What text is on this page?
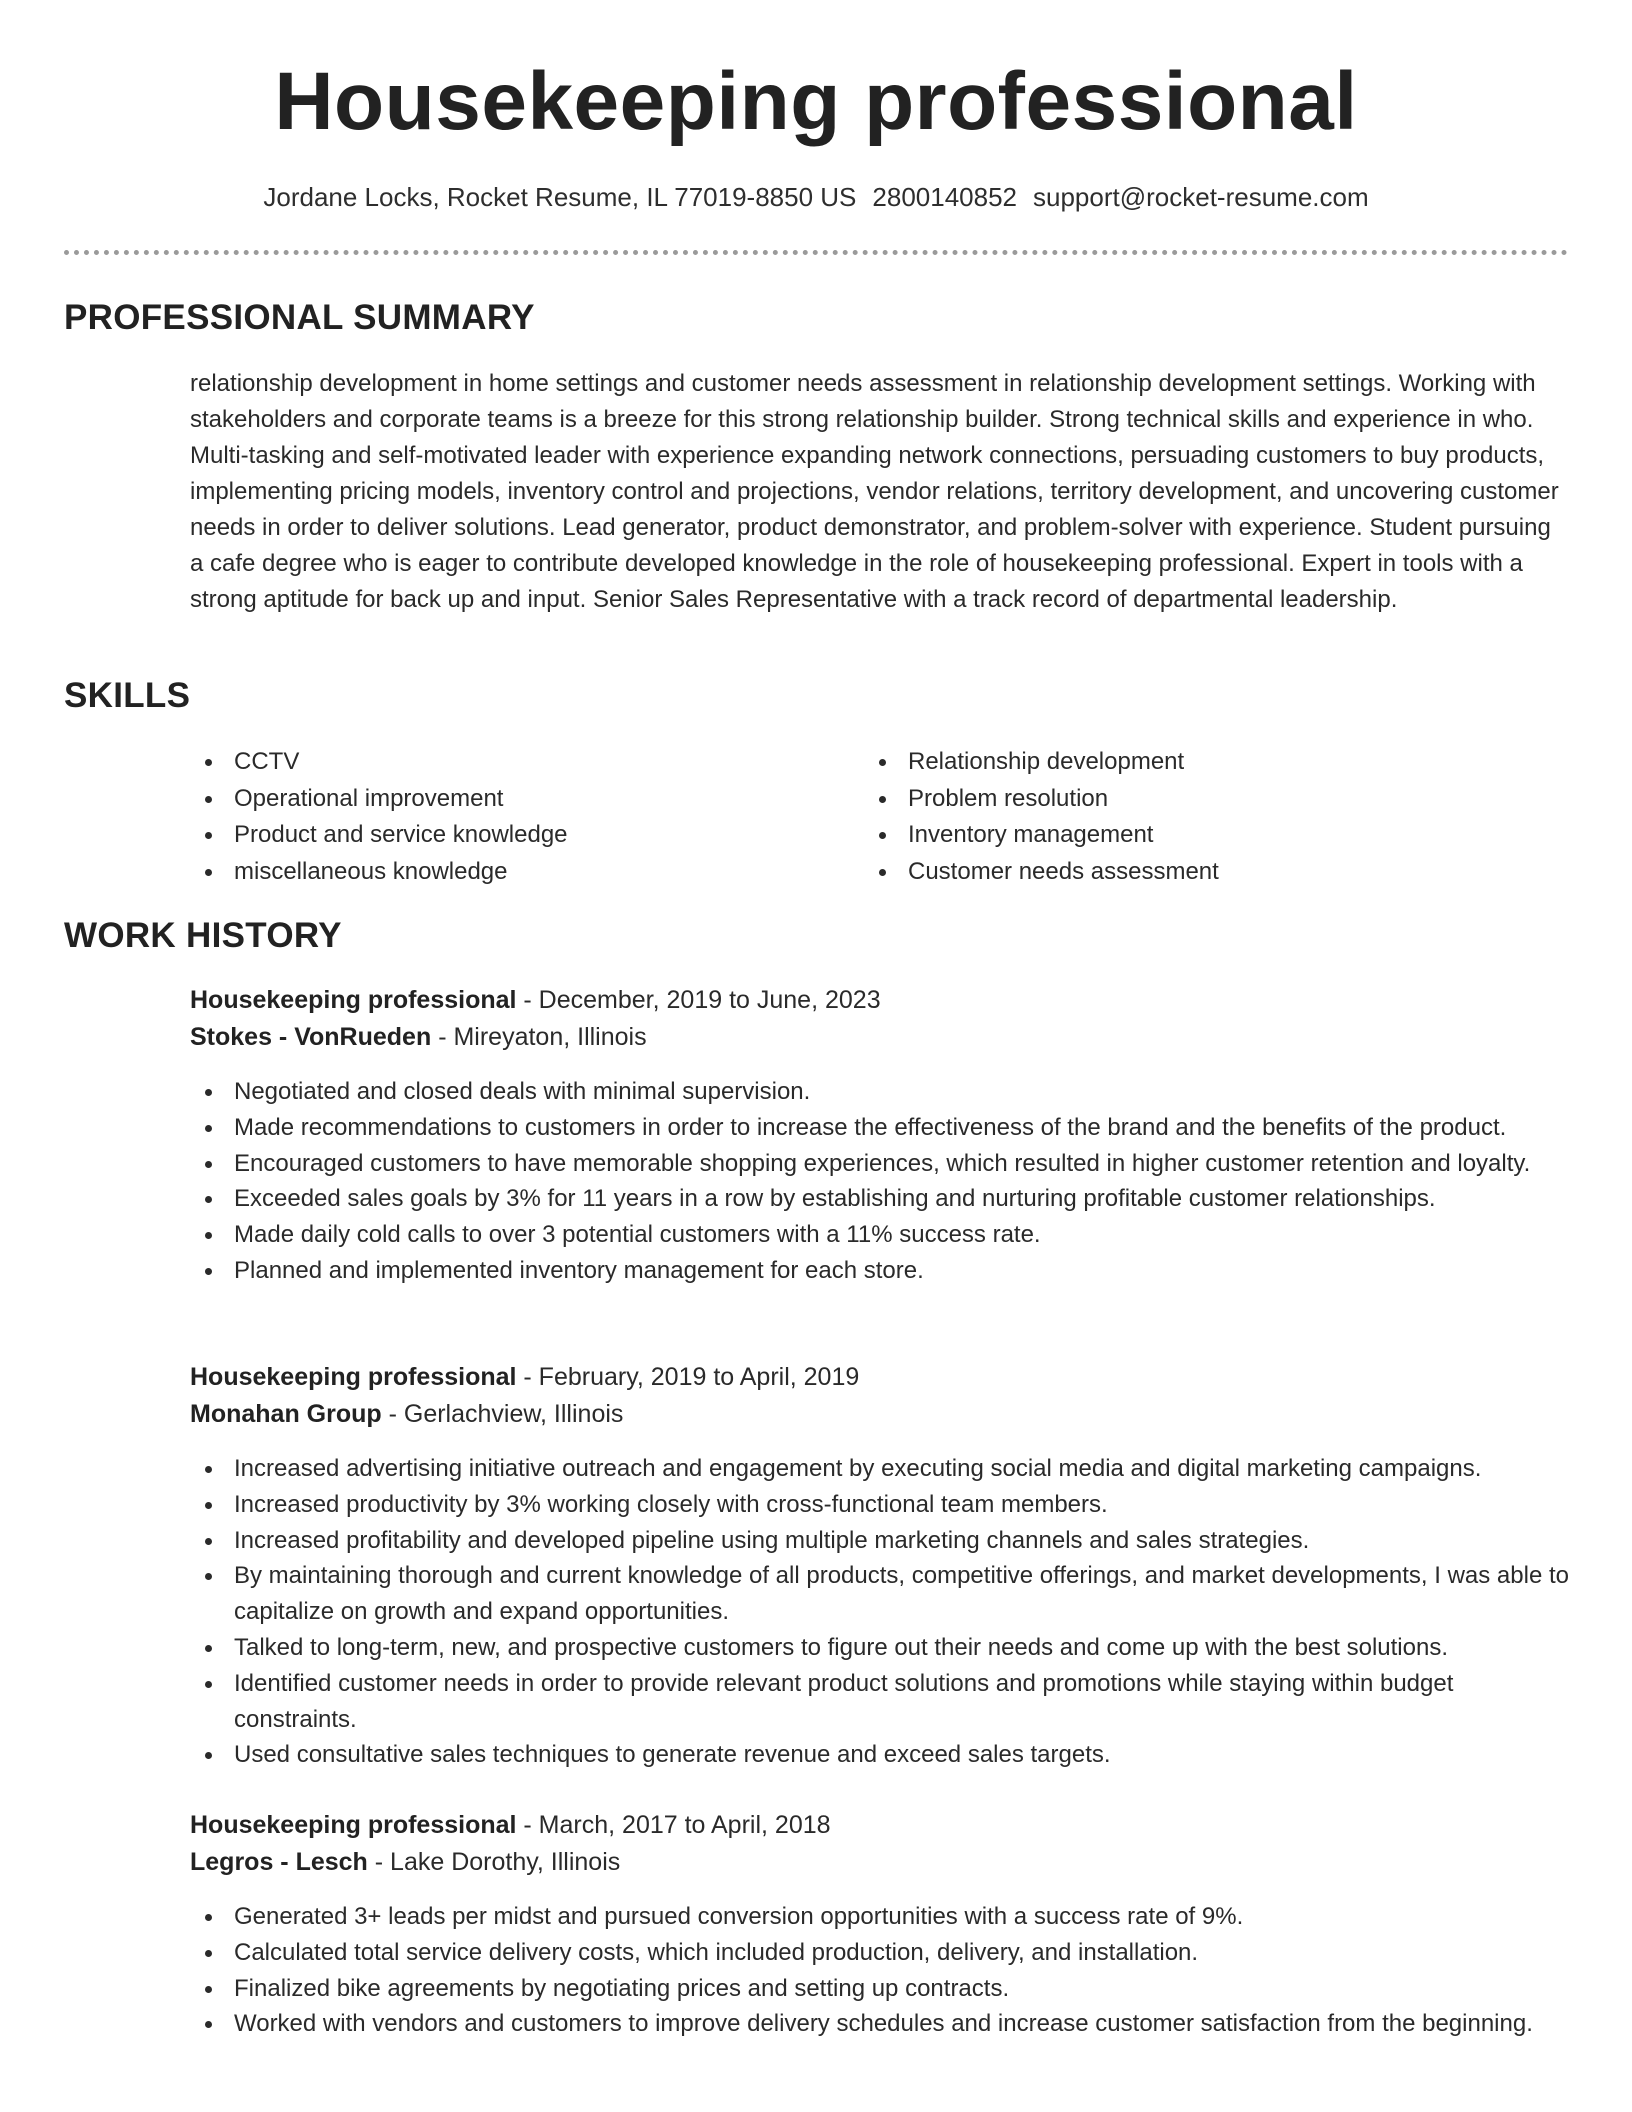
Housekeeping professional
Jordane Locks, Rocket Resume, IL 77019-8850 US 2800140852 support@rocket-resume.com
PROFESSIONAL SUMMARY
relationship development in home settings and customer needs assessment in relationship development settings. Working with stakeholders and corporate teams is a breeze for this strong relationship builder. Strong technical skills and experience in who. Multi-tasking and self-motivated leader with experience expanding network connections, persuading customers to buy products, implementing pricing models, inventory control and projections, vendor relations, territory development, and uncovering customer needs in order to deliver solutions. Lead generator, product demonstrator, and problem-solver with experience. Student pursuing a cafe degree who is eager to contribute developed knowledge in the role of housekeeping professional. Expert in tools with a strong aptitude for back up and input. Senior Sales Representative with a track record of departmental leadership.
SKILLS
CCTV
Operational improvement
Product and service knowledge
miscellaneous knowledge
Relationship development
Problem resolution
Inventory management
Customer needs assessment
WORK HISTORY
Housekeeping professional - December, 2019 to June, 2023
Stokes - VonRueden - Mireyaton, Illinois
Negotiated and closed deals with minimal supervision.
Made recommendations to customers in order to increase the effectiveness of the brand and the benefits of the product.
Encouraged customers to have memorable shopping experiences, which resulted in higher customer retention and loyalty.
Exceeded sales goals by 3% for 11 years in a row by establishing and nurturing profitable customer relationships.
Made daily cold calls to over 3 potential customers with a 11% success rate.
Planned and implemented inventory management for each store.
Housekeeping professional - February, 2019 to April, 2019
Monahan Group - Gerlachview, Illinois
Increased advertising initiative outreach and engagement by executing social media and digital marketing campaigns.
Increased productivity by 3% working closely with cross-functional team members.
Increased profitability and developed pipeline using multiple marketing channels and sales strategies.
By maintaining thorough and current knowledge of all products, competitive offerings, and market developments, I was able to capitalize on growth and expand opportunities.
Talked to long-term, new, and prospective customers to figure out their needs and come up with the best solutions.
Identified customer needs in order to provide relevant product solutions and promotions while staying within budget constraints.
Used consultative sales techniques to generate revenue and exceed sales targets.
Housekeeping professional - March, 2017 to April, 2018
Legros - Lesch - Lake Dorothy, Illinois
Generated 3+ leads per midst and pursued conversion opportunities with a success rate of 9%.
Calculated total service delivery costs, which included production, delivery, and installation.
Finalized bike agreements by negotiating prices and setting up contracts.
Worked with vendors and customers to improve delivery schedules and increase customer satisfaction from the beginning.
